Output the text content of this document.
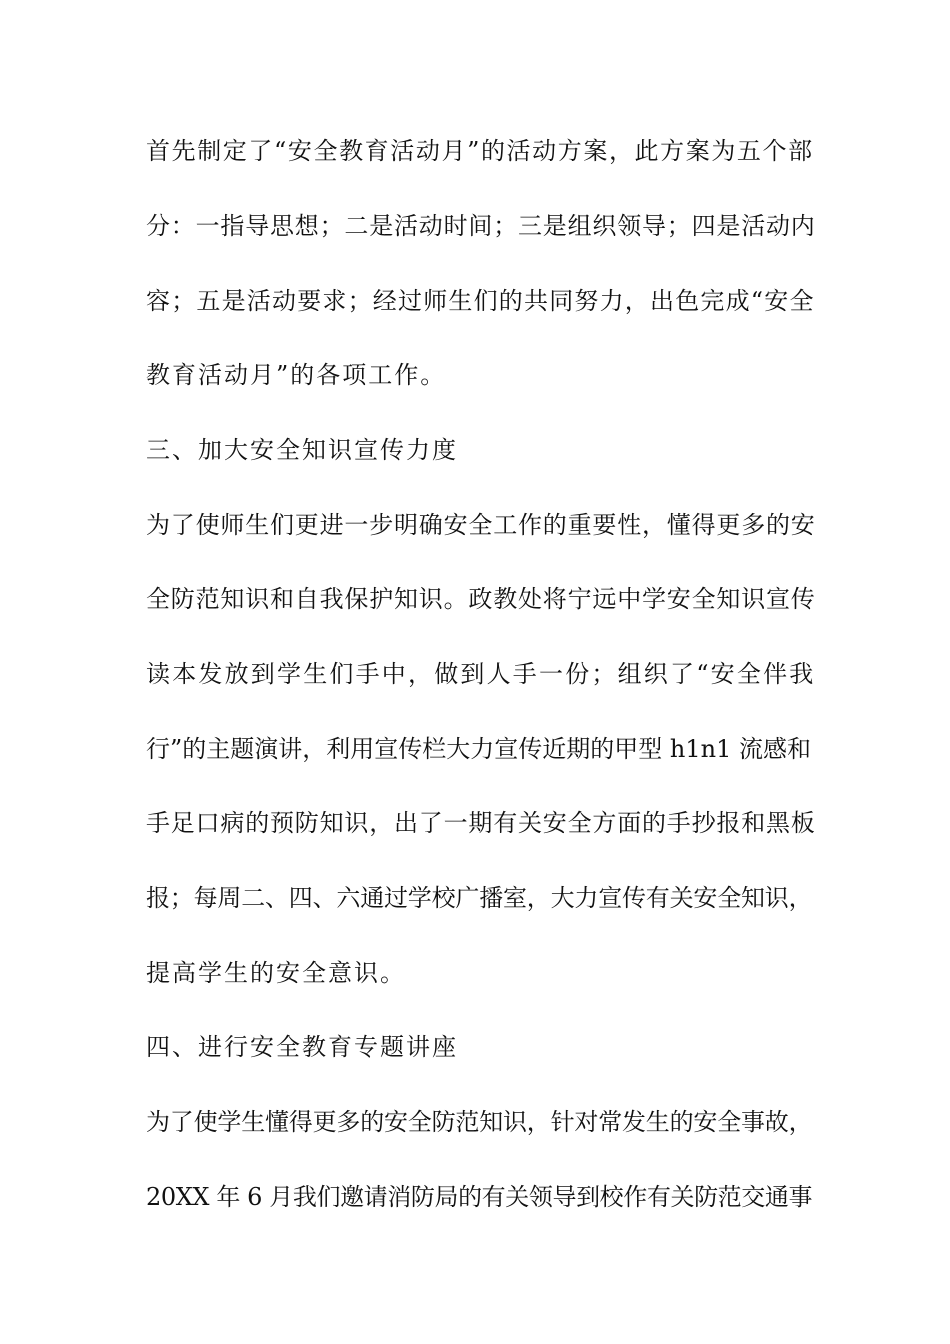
首先制定了“安全教育活动月”的活动方案，此方案为五个部
分：一指导思想；二是活动时间；三是组织领导；四是活动内
容；五是活动要求；经过师生们的共同努力，出色完成“安全
教育活动月”的各项工作。
三、加大安全知识宣传力度
为了使师生们更进一步明确安全工作的重要性，懂得更多的安
全防范知识和自我保护知识。政教处将宁远中学安全知识宣传
读本发放到学生们手中，做到人手一份；组织了“安全伴我
行”的主题演讲，利用宣传栏大力宣传近期的甲型 h1n1 流感和
手足口病的预防知识，出了一期有关安全方面的手抄报和黑板
报；每周二、四、六通过学校广播室，大力宣传有关安全知识，
提高学生的安全意识。
四、进行安全教育专题讲座
为了使学生懂得更多的安全防范知识，针对常发生的安全事故，
20XX 年 6 月我们邀请消防局的有关领导到校作有关防范交通事
